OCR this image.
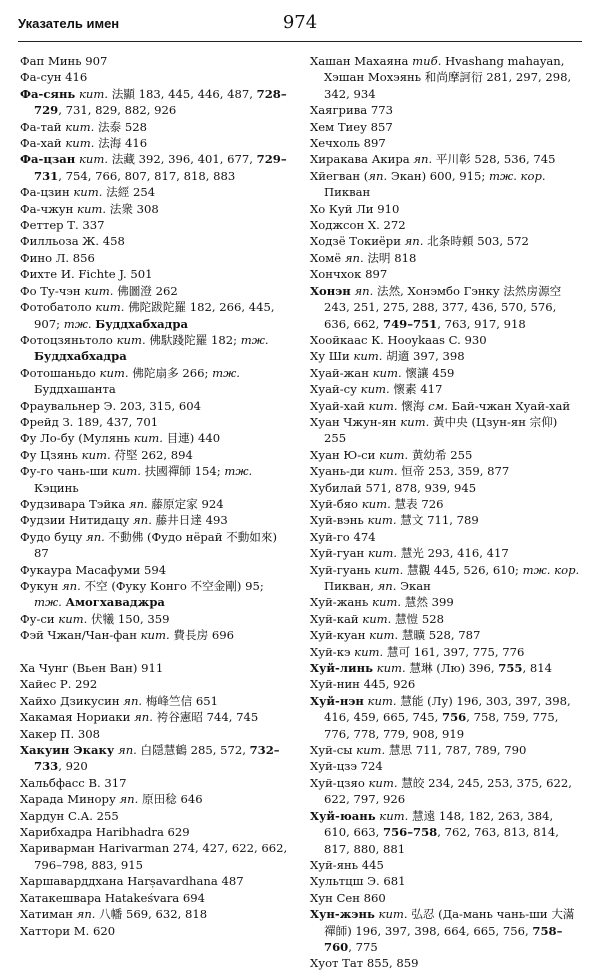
Указатель имен	974
Фап Минь 907
Фа-сун 416
Фа-сянь кит. 法顯 183, 445, 446, 487, 728–729, 731, 829, 882, 926
Фа-тай кит. 法泰 528
Фа-хай кит. 法海 416
Фа-цзан кит. 法藏 392, 396, 401, 677, 729–731, 754, 766, 807, 817, 818, 883
Фа-цзин кит. 法經 254
Фа-чжун кит. 法衆 308
Феттер Т. 337
Филльоза Ж. 458
Фино Л. 856
Фихте И. Fichte J. 501
Фо Ту-чэн кит. 佛圖澄 262
Фотобатоло кит. 佛陀跋陀羅 182, 266, 445, 907; тж. Буддхабхадра
Фотоцзяньтоло кит. 佛馱踐陀羅 182; тж. Буддхабхадра
Фотошаньдо кит. 佛陀扇多 266; тж. Буддхашанта
Фраувальнер Э. 203, 315, 604
Фрейд З. 189, 437, 701
Фу Ло-бу (Мулянь кит. 目連) 440
Фу Цзянь кит. 苻堅 262, 894
Фу-го чань-ши кит. 扶國禪師 154; тж. Кэцинь
Фудзивара Тэйка яп. 藤原定家 924
Фудзии Нитидацу яп. 藤井日達 493
Фудо буцу яп. 不動佛 (Фудо нёрай 不動如來) 87
Фукаура Масафуми 594
Фукун яп. 不空 (Фуку Конго 不空金剛) 95; тж. Амогхаваджра
Фу-си кит. 伏犧 150, 359
Фэй Чжан/Чан-фан кит. 費長房 696
Ха Чунг (Вьен Ван) 911
Хайес Р. 292
Хайхо Дзикусин яп. 梅峰竺信 651
Хакамая Нориаки яп. 袴谷憲昭 744, 745
Хакер П. 308
Хакуин Экаку яп. 白隠慧鶴 285, 572, 732–733, 920
Хальбфасс В. 317
Харада Минору яп. 原田稔 646
Хардун С.А. 255
Харибхадра Haribhadra 629
Хариварман Harivarman 274, 427, 622, 662, 796–798, 883, 915
Харшаварддхана Harṣavardhana 487
Хатакешвара Hatakeśvara 694
Хатиман яп. 八幡 569, 632, 818
Хаттори М. 620
Хашан Махаяна тиб. Hvashang mahayan, Хэшан Мохэянь 和尚摩訶衍 281, 297, 298, 342, 934
Хаягрива 773
Хем Тиеу 857
Хечхоль 897
Хиракава Акира яп. 平川彰 528, 536, 745
Хйегван (яп. Экан) 600, 915; тж. кор. Пикван
Хо Куй Ли 910
Ходжсон Х. 272
Ходзё Токиёри яп. 北条時頼 503, 572
Хомё яп. 法明 818
Хончхок 897
Хонэн яп. 法然, Хонэмбо Гэнку 法然房源空 243, 251, 275, 288, 377, 436, 570, 576, 636, 662, 749–751, 763, 917, 918
Хоойкаас К. Hooykaas C. 930
Ху Ши кит. 胡適 397, 398
Хуай-жан кит. 懷讓 459
Хуай-су кит. 懷素 417
Хуай-хай кит. 懷海 см. Бай-чжан Хуай-хай
Хуан Чжун-ян кит. 黃中央 (Цзун-ян 宗仰) 255
Хуан Ю-си кит. 黄幼希 255
Хуань-ди кит. 恒帝 253, 359, 877
Хубилай 571, 878, 939, 945
Хуй-бяо кит. 慧表 726
Хуй-вэнь кит. 慧文 711, 789
Хуй-го 474
Хуй-гуан кит. 慧光 293, 416, 417
Хуй-гуань кит. 慧觀 445, 526, 610; тж. кор. Пикван, яп. Экан
Хуй-жань кит. 慧然 399
Хуй-кай кит. 慧愷 528
Хуй-куан кит. 慧曠 528, 787
Хуй-кэ кит. 慧可 161, 397, 775, 776
Хуй-линь кит. 慧琳 (Лю) 396, 755, 814
Хуй-нин 445, 926
Хуй-нэн кит. 慧能 (Лу) 196, 303, 397, 398, 416, 459, 665, 745, 756, 758, 759, 775, 776, 778, 779, 908, 919
Хуй-сы кит. 慧思 711, 787, 789, 790
Хуй-цзэ 724
Хуй-цзяо кит. 慧皎 234, 245, 253, 375, 622, 622, 797, 926
Хуй-юань кит. 慧遠 148, 182, 263, 384, 610, 663, 756–758, 762, 763, 813, 814, 817, 880, 881
Хуй-янь 445
Хультцш Э. 681
Хун Сен 860
Хун-жэнь кит. 弘忍 (Да-мань чань-ши 大滿禪師) 196, 397, 398, 664, 665, 756, 758–760, 775
Хуот Тат 855, 859
